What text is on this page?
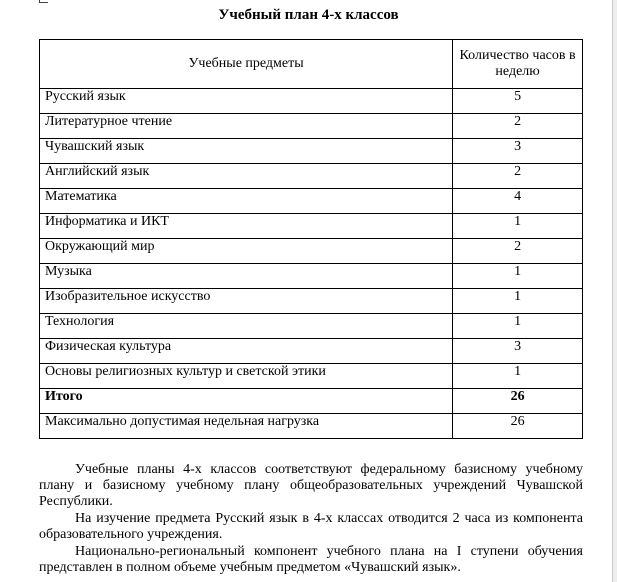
Учебный план 4-х классов
Учебные предметы	Количество часов в неделю
Русский язык	5
Литературное чтение	2
Чувашский язык	3
Английский язык	2
Математика	4
Информатика и ИКТ	1
Окружающий мир	2
Музыка	1
Изобразительное искусство	1
Технология	1
Физическая культура	3
Основы религиозных культур и светской этики	1
Итого	26
Максимально допустимая недельная нагрузка	26

Учебные планы 4-х классов соответствуют федеральному базисному учебному плану и базисному учебному плану общеобразовательных учреждений Чувашской Республики.

На изучение предмета Русский язык в 4-х классах отводится 2 часа из компонента образовательного учреждения.

Национально-региональный компонент учебного плана на I ступени обучения представлен в полном объеме учебным предметом «Чувашский язык».
